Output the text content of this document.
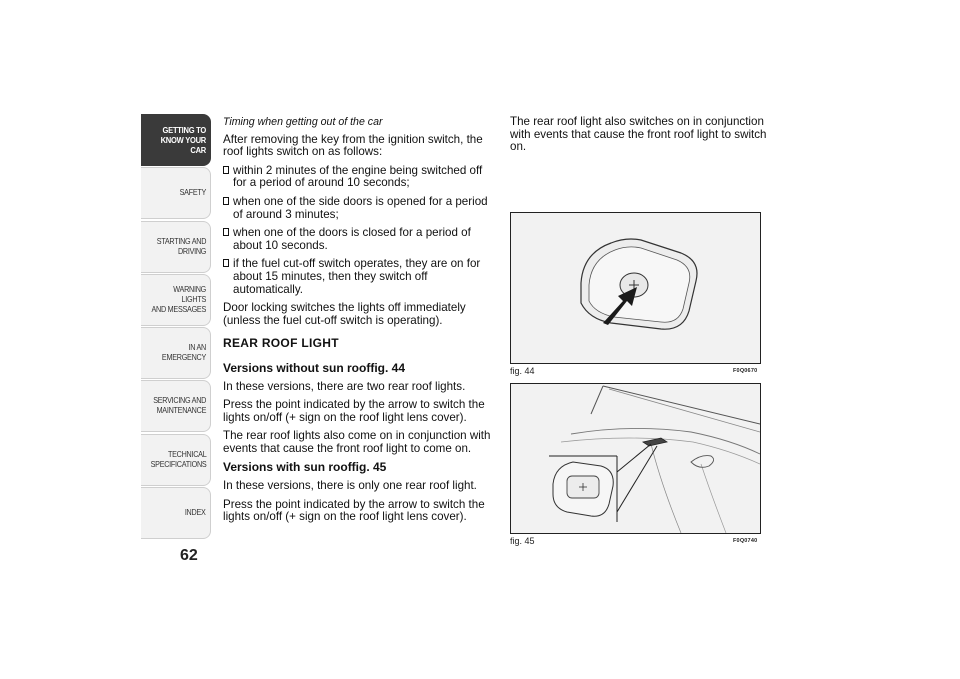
GETTING TO
KNOW YOUR CAR
SAFETY
STARTING AND
DRIVING
WARNING LIGHTS
AND MESSAGES
IN AN EMERGENCY
SERVICING AND
MAINTENANCE
TECHNICAL
SPECIFICATIONS
INDEX
62

Timing when getting out of the car

After removing the key from the ignition switch, the roof lights switch on as follows:

within 2 minutes of the engine being switched off for a period of around 10 seconds;
when one of the side doors is opened for a period of around 3 minutes;
when one of the doors is closed for a period of about 10 seconds.
if the fuel cut-off switch operates, they are on for about 15 minutes, then they switch off automatically.

Door locking switches the lights off immediately (unless the fuel cut-off switch is operating).

REAR ROOF LIGHT

Versions without sun roofﬁg. 44

In these versions, there are two rear roof lights.

Press the point indicated by the arrow to switch the lights on/off (+ sign on the roof light lens cover).

The rear roof lights also come on in conjunction with events that cause the front roof light to come on.

Versions with sun roofﬁg. 45

In these versions, there is only one rear roof light.

Press the point indicated by the arrow to switch the lights on/off (+ sign on the roof light lens cover).

The rear roof light also switches on in conjunction with events that cause the front roof light to switch on.

fig. 44	F0Q0670
fig. 45	F0Q0740
